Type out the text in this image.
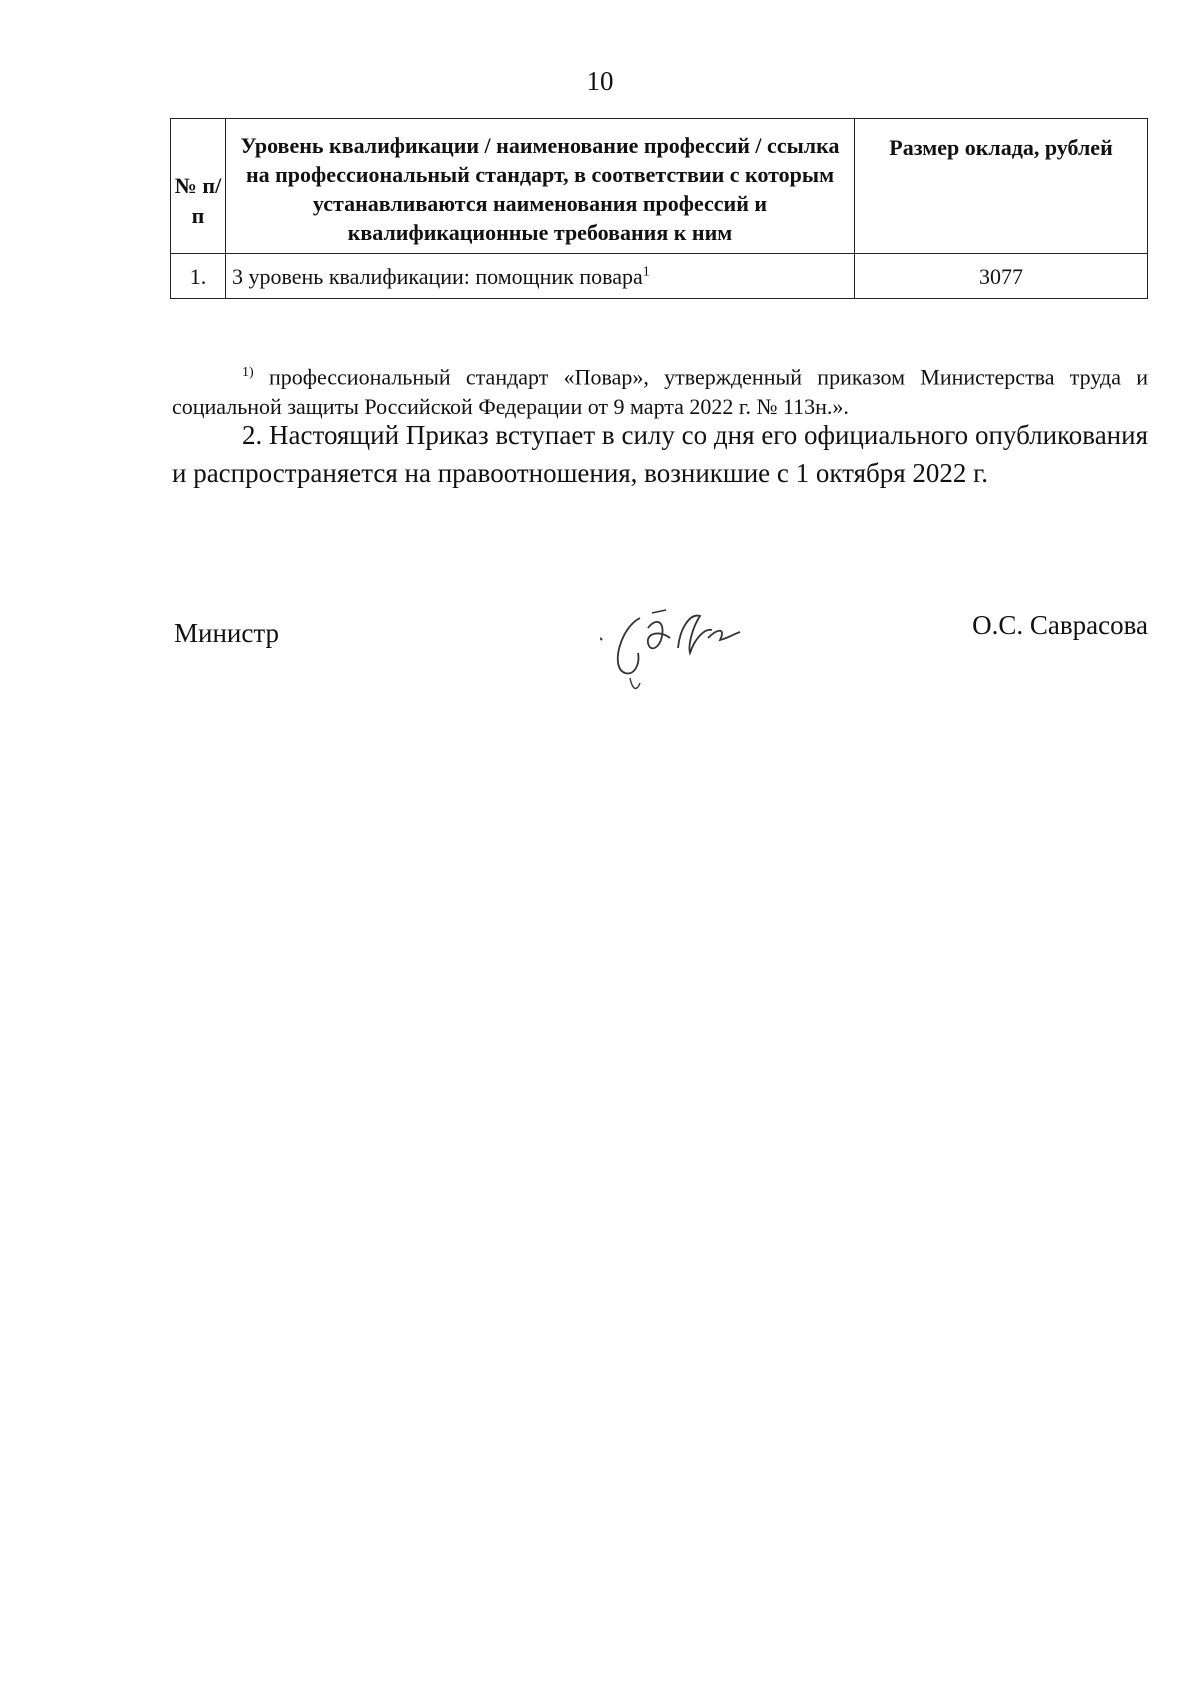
10
№ п/п	Уровень квалификации / наименование профессий / ссылка на профессиональный стандарт, в соответствии с которым устанавливаются наименования профессий и квалификационные требования к ним	Размер оклада, рублей
1.	3 уровень квалификации: помощник повара$^1$	3077
$^{1)}$ профессиональный стандарт «Повар», утвержденный приказом Министерства труда и социальной защиты Российской Федерации от 9 марта 2022 г. № 113н.».
2. Настоящий Приказ вступает в силу со дня его официального опубликования и распространяется на правоотношения, возникшие с 1 октября 2022 г.
Министр	О.С. Саврасова
